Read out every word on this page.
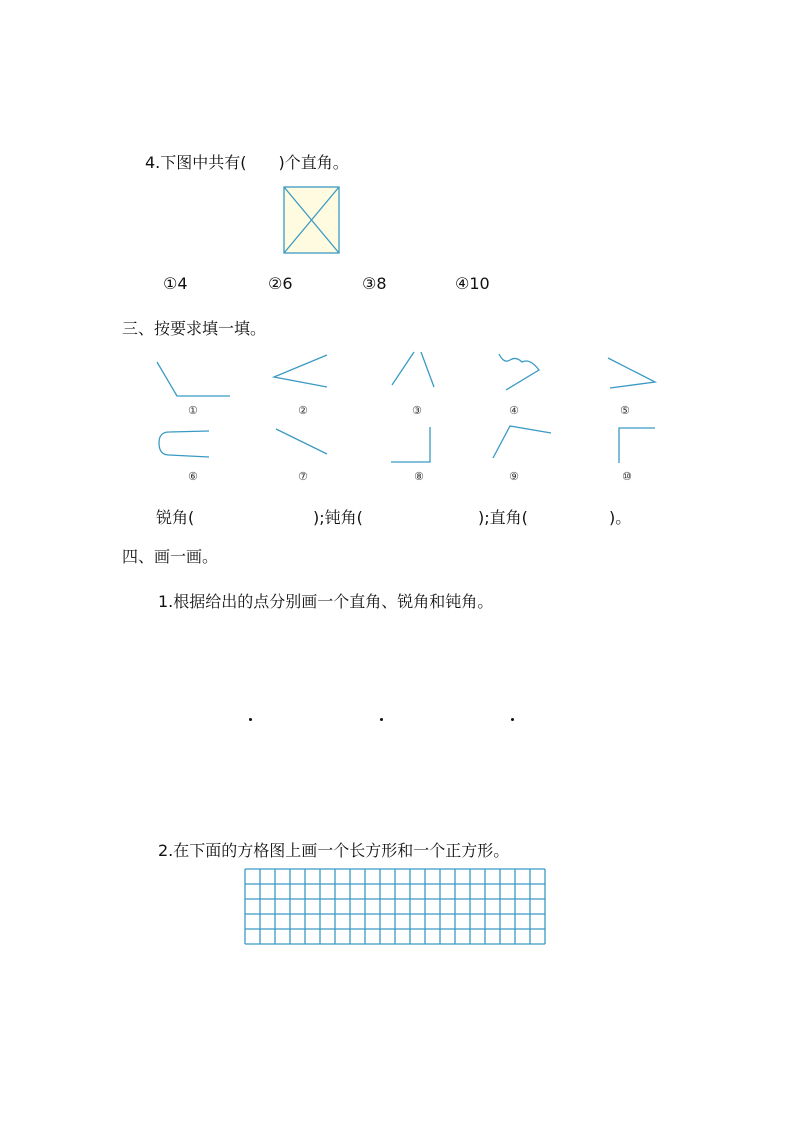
4.下图中共有(　　)个直角。
①4	②6	③8	④10
三、按要求填一填。
①	②	③	④	⑤
⑥	⑦	⑧	⑨	⑩
锐角(	);钝角(	);直角(	)。
四、画一画。
1.根据给出的点分别画一个直角、锐角和钝角。
2.在下面的方格图上画一个长方形和一个正方形。
